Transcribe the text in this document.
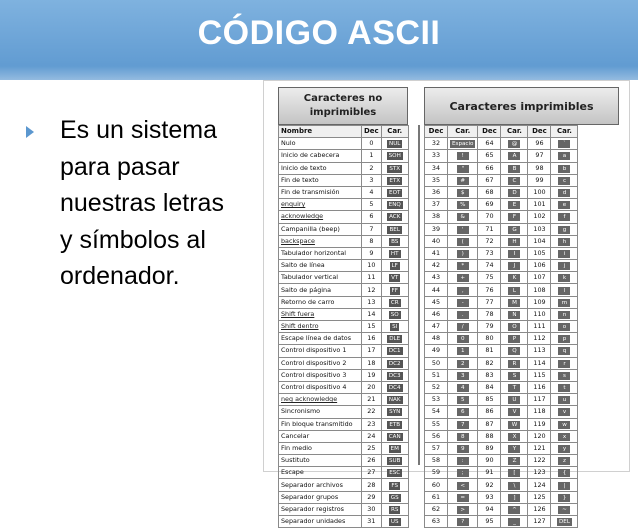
CÓDIGO ASCII
Es un sistema
para pasar
nuestras letras
y símbolos al
ordenador.
Caracteres no
imprimibles	Caracteres imprimibles
Nombre	Dec	Car.
Nulo	0	NUL
Inicio de cabecera	1	SOH
Inicio de texto	2	STX
Fin de texto	3	ETX
Fin de transmisión	4	EOT
enquiry	5	ENQ
acknowledge	6	ACK
Campanilla (beep)	7	BEL
backspace	8	BS
Tabulador horizontal	9	HT
Salto de línea	10	LF
Tabulador vertical	11	VT
Salto de página	12	FF
Retorno de carro	13	CR
Shift fuera	14	SO
Shift dentro	15	SI
Escape línea de datos	16	DLE
Control dispositivo 1	17	DC1
Control dispositivo 2	18	DC2
Control dispositivo 3	19	DC3
Control dispositivo 4	20	DC4
neg acknowledge	21	NAK
Sincronismo	22	SYN
Fin bloque transmitido	23	ETB
Cancelar	24	CAN
Fin medio	25	EM
Sustituto	26	SUB
Escape	27	ESC
Separador archivos	28	FS
Separador grupos	29	GS
Separador registros	30	RS
Separador unidades	31	US
Dec	Car.	Dec	Car.	Dec	Car.
32	Espacio	64	@	96	`
33	!	65	A	97	a
34	"	66	B	98	b
35	#	67	C	99	c
36	$	68	D	100	d
37	%	69	E	101	e
38	&	70	F	102	f
39	'	71	G	103	g
40	(	72	H	104	h
41	)	73	I	105	i
42	*	74	J	106	j
43	+	75	K	107	k
44	,	76	L	108	l
45	-	77	M	109	m
46	.	78	N	110	n
47	/	79	O	111	o
48	0	80	P	112	p
49	1	81	Q	113	q
50	2	82	R	114	r
51	3	83	S	115	s
52	4	84	T	116	t
53	5	85	U	117	u
54	6	86	V	118	v
55	7	87	W	119	w
56	8	88	X	120	x
57	9	89	Y	121	y
58	:	90	Z	122	z
59	;	91	[	123	{
60	<	92	\	124	|
61	=	93	]	125	}
62	>	94	^	126	~
63	?	95	_	127	DEL
